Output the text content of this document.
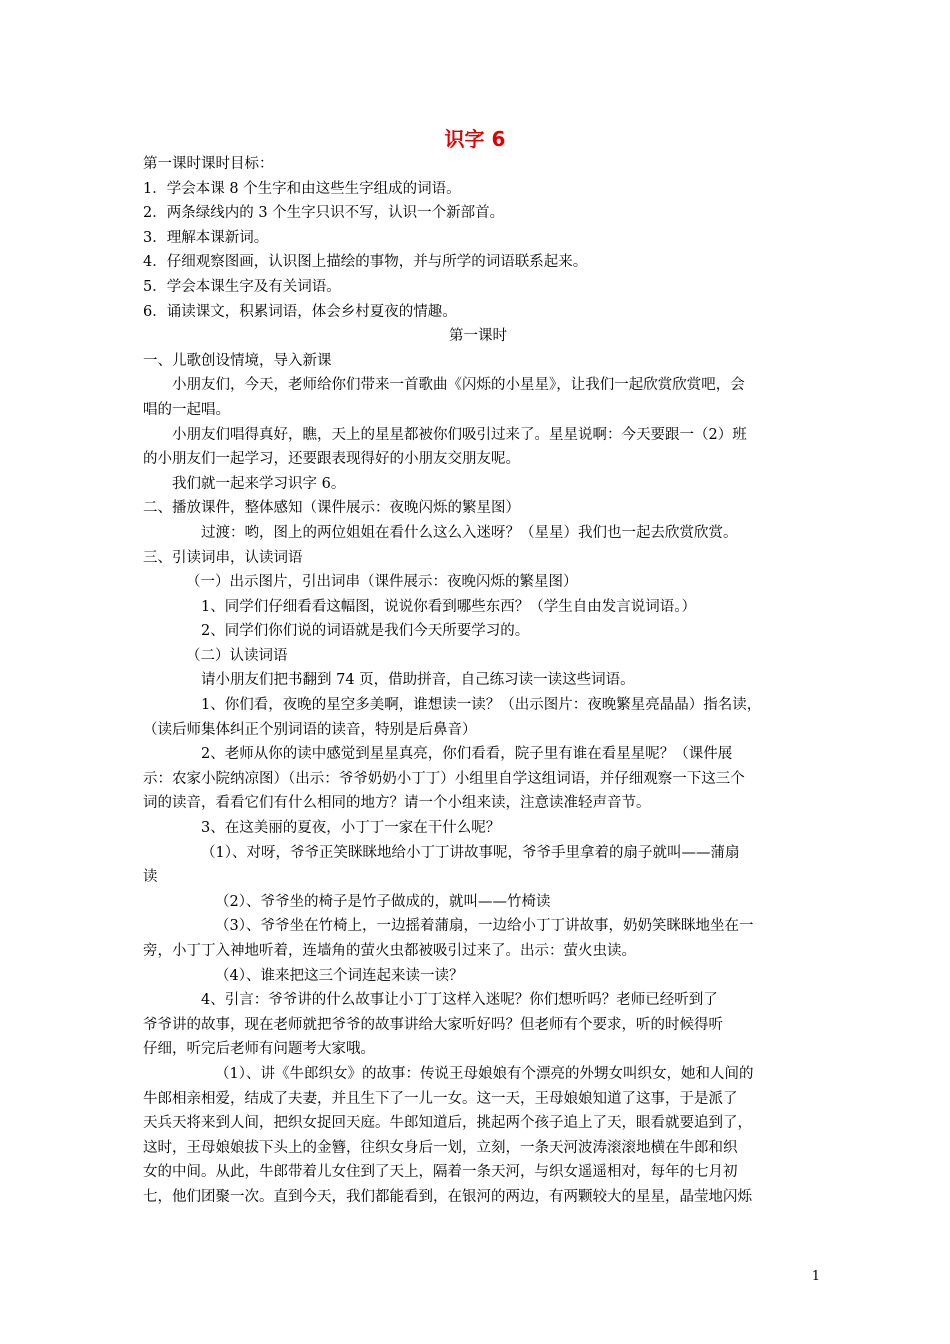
识字 6
第一课时课时目标：
1．学会本课 8 个生字和由这些生字组成的词语。
2．两条绿线内的 3 个生字只识不写，认识一个新部首。
3．理解本课新词。
4．仔细观察图画，认识图上描绘的事物，并与所学的词语联系起来。
5．学会本课生字及有关词语。
6．诵读课文，积累词语，体会乡村夏夜的情趣。
第一课时
一、儿歌创设情境，导入新课
小朋友们，今天，老师给你们带来一首歌曲《闪烁的小星星》，让我们一起欣赏欣赏吧，会
唱的一起唱。
小朋友们唱得真好，瞧，天上的星星都被你们吸引过来了。星星说啊：今天要跟一（2）班
的小朋友们一起学习，还要跟表现得好的小朋友交朋友呢。
我们就一起来学习识字 6。
二、播放课件，整体感知（课件展示：夜晚闪烁的繁星图）
过渡：哟，图上的两位姐姐在看什么这么入迷呀？（星星）我们也一起去欣赏欣赏。
三、引读词串，认读词语
（一）出示图片，引出词串（课件展示：夜晚闪烁的繁星图）
1、同学们仔细看看这幅图，说说你看到哪些东西？（学生自由发言说词语。）
2、同学们你们说的词语就是我们今天所要学习的。
（二）认读词语
请小朋友们把书翻到 74 页，借助拼音，自己练习读一读这些词语。
1、你们看，夜晚的星空多美啊，谁想读一读？（出示图片：夜晚繁星亮晶晶）指名读，
（读后师集体纠正个别词语的读音，特别是后鼻音）
2、老师从你的读中感觉到星星真亮，你们看看，院子里有谁在看星星呢？（课件展
示：农家小院纳凉图）（出示：爷爷奶奶小丁丁）小组里自学这组词语，并仔细观察一下这三个
词的读音，看看它们有什么相同的地方？请一个小组来读，注意读准轻声音节。
3、在这美丽的夏夜，小丁丁一家在干什么呢？
（1）、对呀，爷爷正笑眯眯地给小丁丁讲故事呢，爷爷手里拿着的扇子就叫——蒲扇
读
（2）、爷爷坐的椅子是竹子做成的，就叫——竹椅读
（3）、爷爷坐在竹椅上，一边摇着蒲扇，一边给小丁丁讲故事，奶奶笑眯眯地坐在一
旁，小丁丁入神地听着，连墙角的萤火虫都被吸引过来了。出示：萤火虫读。
（4）、谁来把这三个词连起来读一读？
4、引言：爷爷讲的什么故事让小丁丁这样入迷呢？你们想听吗？老师已经听到了
爷爷讲的故事，现在老师就把爷爷的故事讲给大家听好吗？但老师有个要求，听的时候得听
仔细，听完后老师有问题考大家哦。
（1）、讲《牛郎织女》的故事：传说王母娘娘有个漂亮的外甥女叫织女，她和人间的
牛郎相亲相爱，结成了夫妻，并且生下了一儿一女。这一天，王母娘娘知道了这事，于是派了
天兵天将来到人间，把织女捉回天庭。牛郎知道后，挑起两个孩子追上了天，眼看就要追到了，
这时，王母娘娘拔下头上的金簪，往织女身后一划，立刻，一条天河波涛滚滚地横在牛郎和织
女的中间。从此，牛郎带着儿女住到了天上，隔着一条天河，与织女遥遥相对，每年的七月初
七，他们团聚一次。直到今天，我们都能看到，在银河的两边，有两颗较大的星星，晶莹地闪烁
1
